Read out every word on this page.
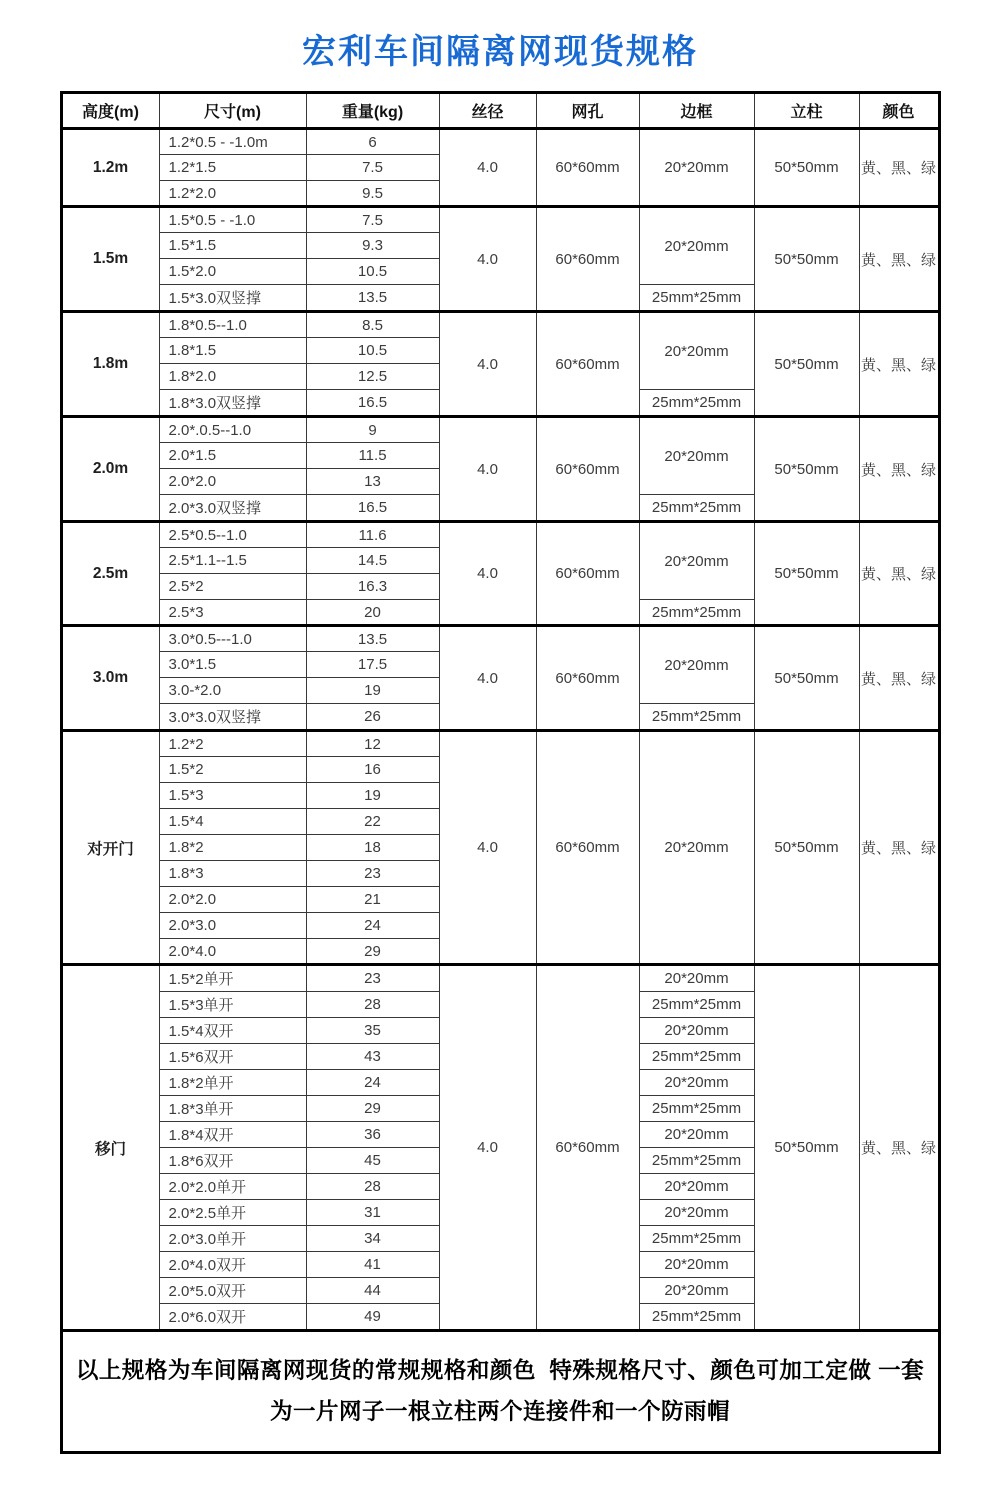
宏利车间隔离网现货规格
高度(m)	尺寸(m)	重量(kg)	丝径	网孔	边框	立柱	颜色
1.2m	1.2*0.5 - -1.0m	6	4.0	60*60mm	20*20mm	50*50mm	黄、黑、绿
	1.2*1.5	7.5					
	1.2*2.0	9.5					
1.5m	1.5*0.5 - -1.0	7.5	4.0	60*60mm	20*20mm	50*50mm	黄、黑、绿
	1.5*1.5	9.3					
	1.5*2.0	10.5					
	1.5*3.0双竖撑	13.5			25mm*25mm		
1.8m	1.8*0.5--1.0	8.5	4.0	60*60mm	20*20mm	50*50mm	黄、黑、绿
	1.8*1.5	10.5					
	1.8*2.0	12.5					
	1.8*3.0双竖撑	16.5			25mm*25mm		
2.0m	2.0*.0.5--1.0	9	4.0	60*60mm	20*20mm	50*50mm	黄、黑、绿
	2.0*1.5	11.5					
	2.0*2.0	13					
	2.0*3.0双竖撑	16.5			25mm*25mm		
2.5m	2.5*0.5--1.0	11.6	4.0	60*60mm	20*20mm	50*50mm	黄、黑、绿
	2.5*1.1--1.5	14.5					
	2.5*2	16.3					
	2.5*3	20			25mm*25mm		
3.0m	3.0*0.5---1.0	13.5	4.0	60*60mm	20*20mm	50*50mm	黄、黑、绿
	3.0*1.5	17.5					
	3.0-*2.0	19					
	3.0*3.0双竖撑	26			25mm*25mm		
对开门	1.2*2	12	4.0	60*60mm	20*20mm	50*50mm	黄、黑、绿
	1.5*2	16					
	1.5*3	19					
	1.5*4	22					
	1.8*2	18					
	1.8*3	23					
	2.0*2.0	21					
	2.0*3.0	24					
	2.0*4.0	29					
移门	1.5*2单开	23	4.0	60*60mm	20*20mm	50*50mm	黄、黑、绿
	1.5*3单开	28			25mm*25mm		
	1.5*4双开	35			20*20mm		
	1.5*6双开	43			25mm*25mm		
	1.8*2单开	24			20*20mm		
	1.8*3单开	29			25mm*25mm		
	1.8*4双开	36			20*20mm		
	1.8*6双开	45			25mm*25mm		
	2.0*2.0单开	28			20*20mm		
	2.0*2.5单开	31			20*20mm		
	2.0*3.0单开	34			25mm*25mm		
	2.0*4.0双开	41			20*20mm		
	2.0*5.0双开	44			20*20mm		
	2.0*6.0双开	49			25mm*25mm		

以上规格为车间隔离网现货的常规规格和颜色  特殊规格尺寸、颜色可加工定做 一套
为一片网子一根立柱两个连接件和一个防雨帽							
